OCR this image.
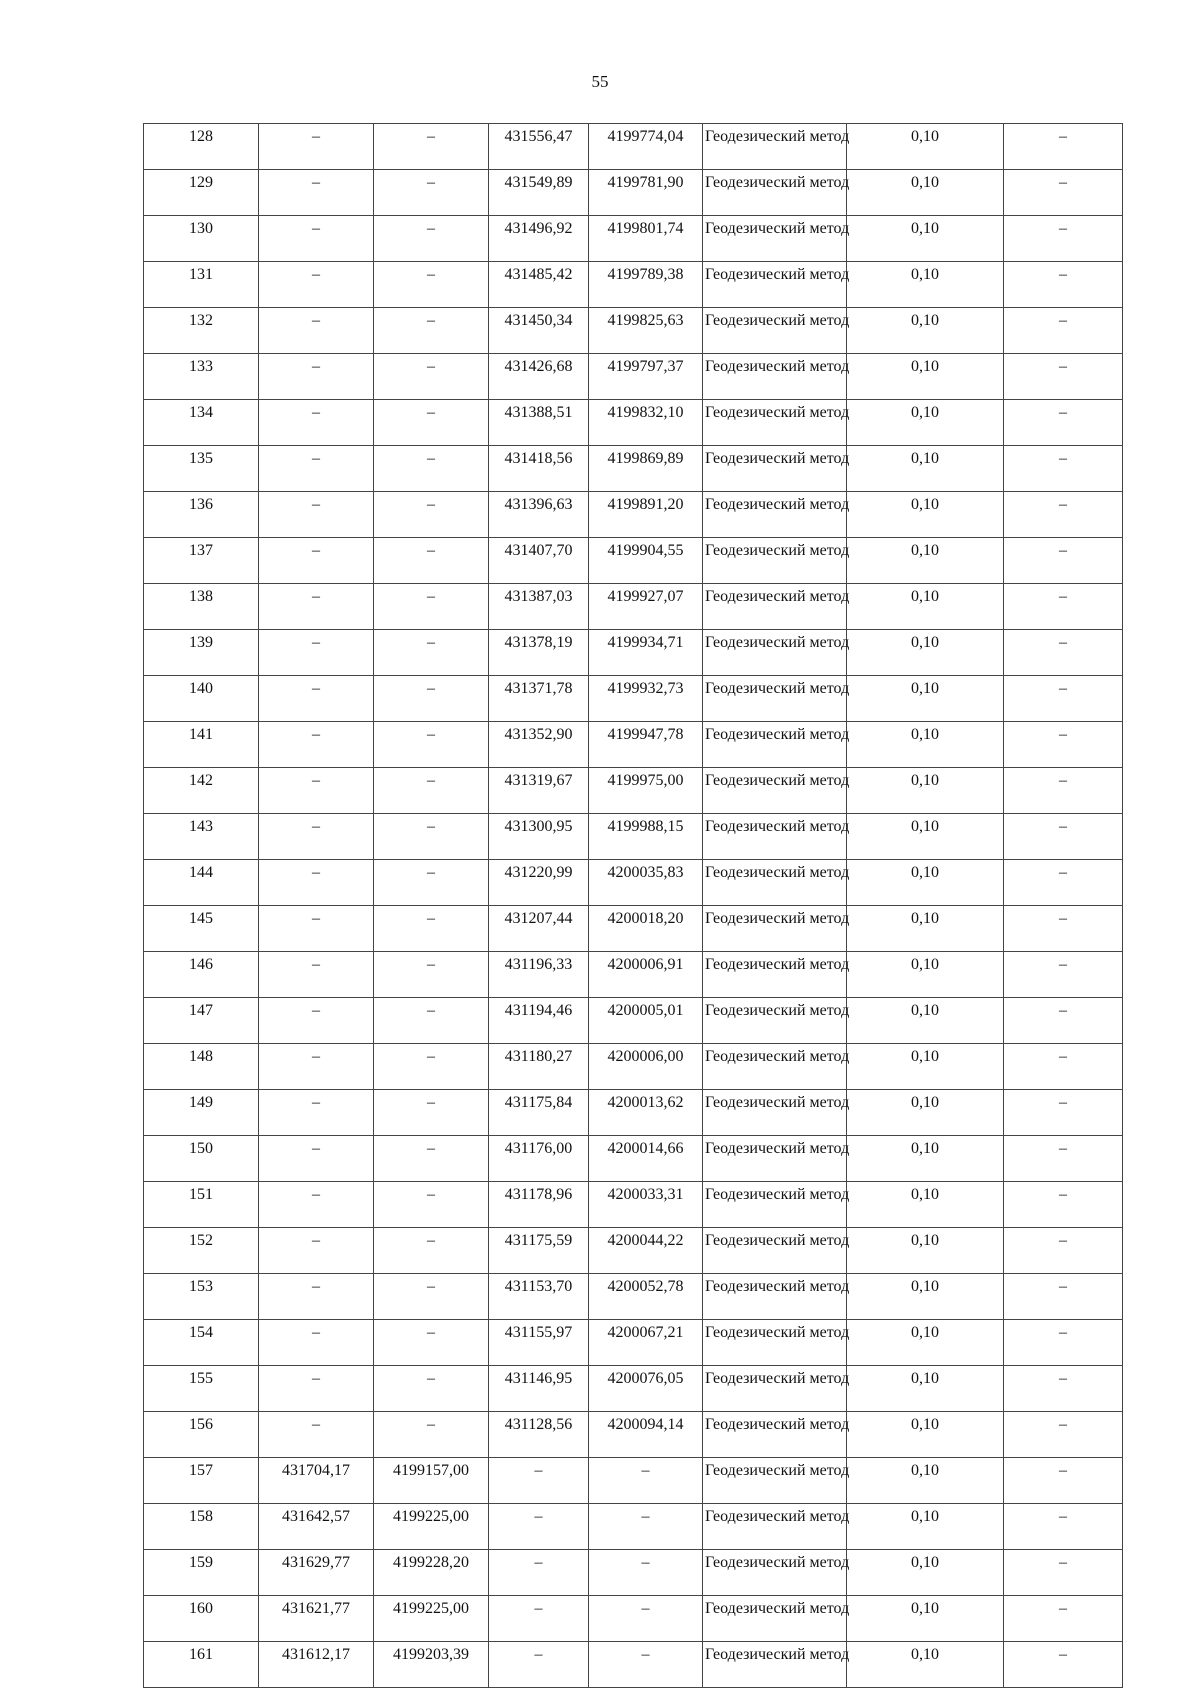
55
128	–	–	431556,47	4199774,04	Геодезический метод	0,10	–
129	–	–	431549,89	4199781,90	Геодезический метод	0,10	–
130	–	–	431496,92	4199801,74	Геодезический метод	0,10	–
131	–	–	431485,42	4199789,38	Геодезический метод	0,10	–
132	–	–	431450,34	4199825,63	Геодезический метод	0,10	–
133	–	–	431426,68	4199797,37	Геодезический метод	0,10	–
134	–	–	431388,51	4199832,10	Геодезический метод	0,10	–
135	–	–	431418,56	4199869,89	Геодезический метод	0,10	–
136	–	–	431396,63	4199891,20	Геодезический метод	0,10	–
137	–	–	431407,70	4199904,55	Геодезический метод	0,10	–
138	–	–	431387,03	4199927,07	Геодезический метод	0,10	–
139	–	–	431378,19	4199934,71	Геодезический метод	0,10	–
140	–	–	431371,78	4199932,73	Геодезический метод	0,10	–
141	–	–	431352,90	4199947,78	Геодезический метод	0,10	–
142	–	–	431319,67	4199975,00	Геодезический метод	0,10	–
143	–	–	431300,95	4199988,15	Геодезический метод	0,10	–
144	–	–	431220,99	4200035,83	Геодезический метод	0,10	–
145	–	–	431207,44	4200018,20	Геодезический метод	0,10	–
146	–	–	431196,33	4200006,91	Геодезический метод	0,10	–
147	–	–	431194,46	4200005,01	Геодезический метод	0,10	–
148	–	–	431180,27	4200006,00	Геодезический метод	0,10	–
149	–	–	431175,84	4200013,62	Геодезический метод	0,10	–
150	–	–	431176,00	4200014,66	Геодезический метод	0,10	–
151	–	–	431178,96	4200033,31	Геодезический метод	0,10	–
152	–	–	431175,59	4200044,22	Геодезический метод	0,10	–
153	–	–	431153,70	4200052,78	Геодезический метод	0,10	–
154	–	–	431155,97	4200067,21	Геодезический метод	0,10	–
155	–	–	431146,95	4200076,05	Геодезический метод	0,10	–
156	–	–	431128,56	4200094,14	Геодезический метод	0,10	–
157	431704,17	4199157,00	–	–	Геодезический метод	0,10	–
158	431642,57	4199225,00	–	–	Геодезический метод	0,10	–
159	431629,77	4199228,20	–	–	Геодезический метод	0,10	–
160	431621,77	4199225,00	–	–	Геодезический метод	0,10	–
161	431612,17	4199203,39	–	–	Геодезический метод	0,10	–
